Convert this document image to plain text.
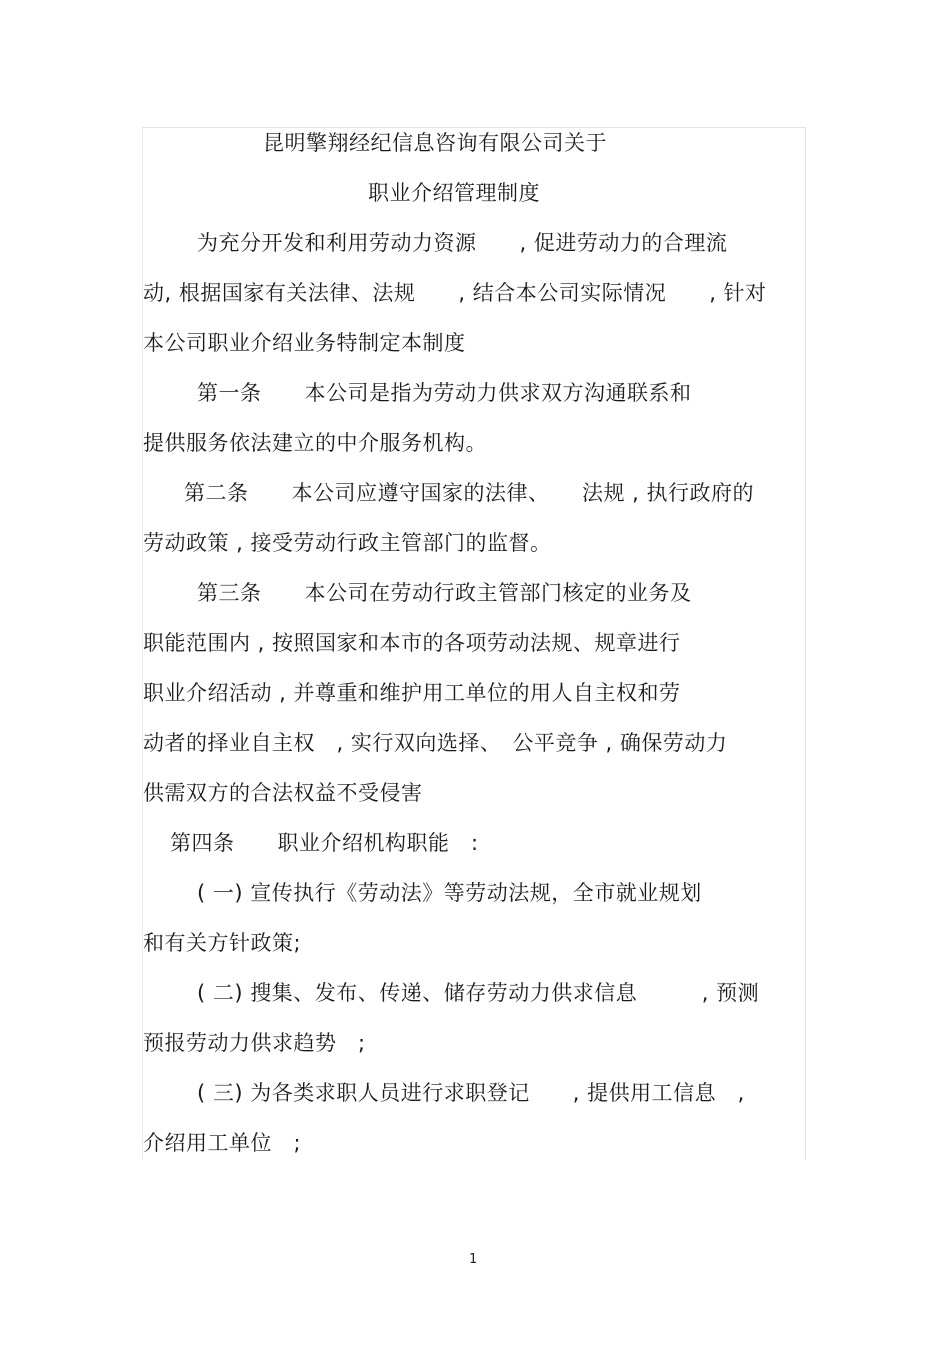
昆明擎翔经纪信息咨询有限公司关于
职业介绍管理制度
为充分开发和利用劳动力资源　　, 促进劳动力的合理流
动, 根据国家有关法律、法规　　, 结合本公司实际情况　　, 针对
本公司职业介绍业务特制定本制度
第一条　　本公司是指为劳动力供求双方沟通联系和
提供服务依法建立的中介服务机构。
第二条　　本公司应遵守国家的法律、　　法规 , 执行政府的
劳动政策 , 接受劳动行政主管部门的监督。
第三条　　本公司在劳动行政主管部门核定的业务及
职能范围内 , 按照国家和本市的各项劳动法规、规章进行
职业介绍活动 , 并尊重和维护用工单位的用人自主权和劳
动者的择业自主权　, 实行双向选择、　公平竞争 , 确保劳动力
供需双方的合法权益不受侵害
第四条　　职业介绍机构职能　:
( 一) 宣传执行《劳动法》等劳动法规，全市就业规划
和有关方针政策;
( 二) 搜集、发布、传递、储存劳动力供求信息　　　, 预测
预报劳动力供求趋势　;
( 三) 为各类求职人员进行求职登记　　, 提供用工信息　,
介绍用工单位　;
1
